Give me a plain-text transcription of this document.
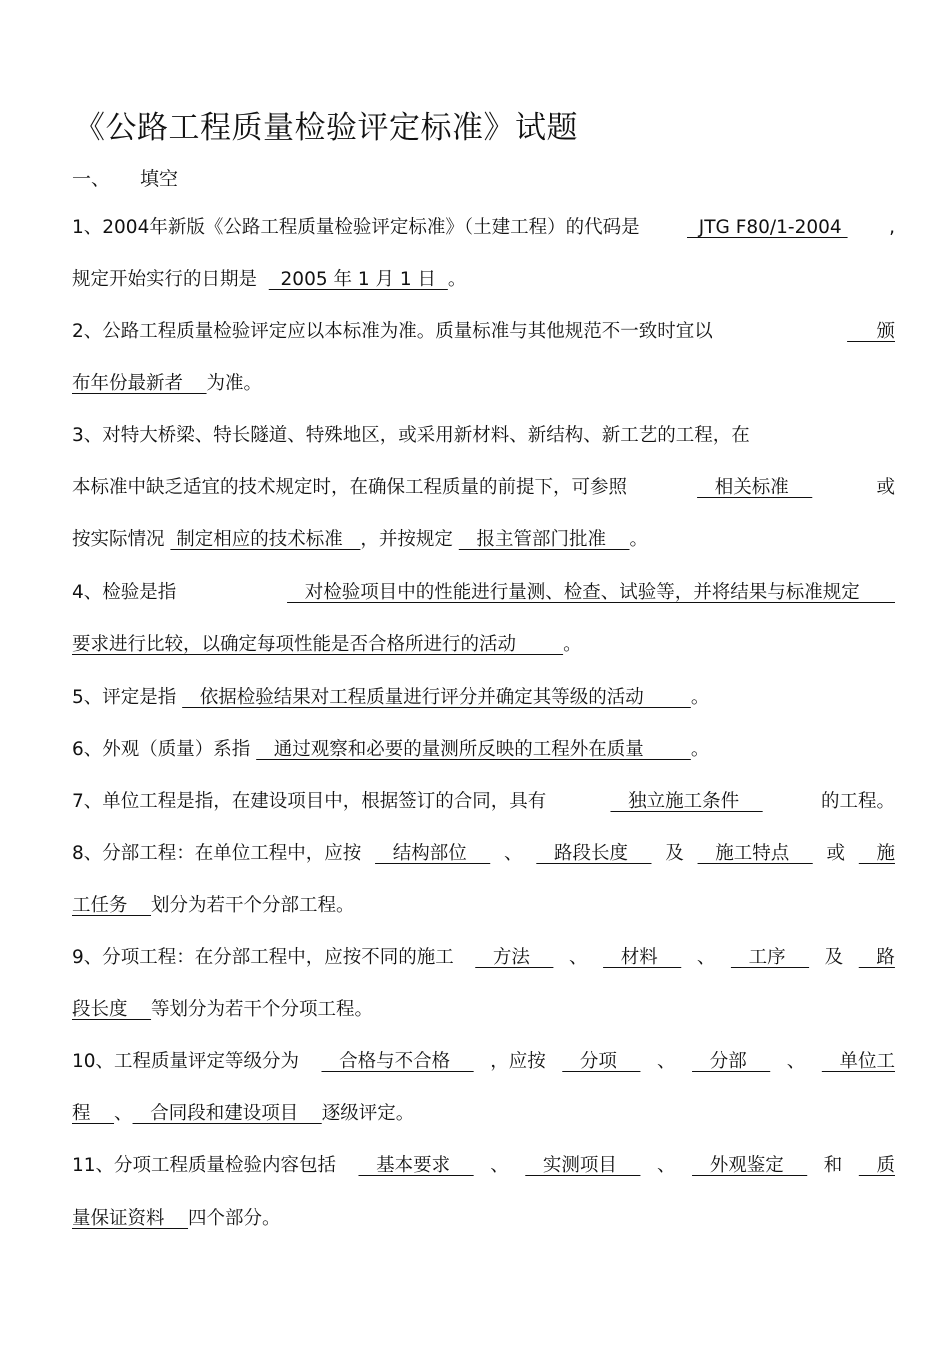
《公路工程质量检验评定标准》试题
一、 填空
1、2004年新版《公路工程质量检验评定标准》（土建工程）的代码是 JTG F80/1-2004 ,
规定开始实行的日期是    2005 年 1 月 1 日  。
2、公路工程质量检验评定应以本标准为准。质量标准与其他规范不一致时宜以	颁
布年份最新者    为准。
3、对特大桥梁、特长隧道、特殊地区，或采用新材料、新结构、新工艺的工程，在
本标准中缺乏适宜的技术规定时，在确保工程质量的前提下，可参照	相关标准	或
按实际情况  制定相应的技术标准   ，并按规定    报主管部门批准    。
4、检验是指	对检验项目中的性能进行量测、检查、试验等，并将结果与标准规定
要求进行比较，以确定每项性能是否合格所进行的活动        。
5、评定是指    依据检验结果对工程质量进行评分并确定其等级的活动        。
6、外观（质量）系指    通过观察和必要的量测所反映的工程外在质量        。
7、单位工程是指，在建设项目中，根据签订的合同，具有	独立施工条件	的工程。
8、分部工程：在单位工程中，应按 结构部位 、 路段长度 及 施工特点 或 施
工任务    划分为若干个分部工程。
9、分项工程：在分部工程中，应按不同的施工 方法 、 材料 、 工序 及 路
段长度    等划分为若干个分项工程。
10、工程质量评定等级分为 合格与不合格 ，应按 分项 、 分部 、 单位工
程    、   合同段和建设项目    逐级评定。
11、分项工程质量检验内容包括 基本要求 、 实测项目 、 外观鉴定 和 质
量保证资料    四个部分。
